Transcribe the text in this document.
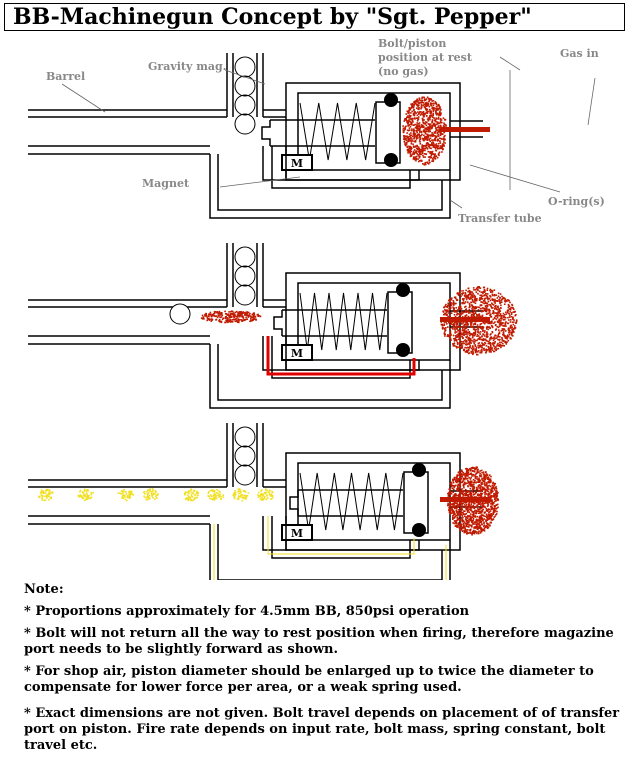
BB-Machinegun Concept by "Sgt. Pepper"
M
M
M
Barrel
Gravity mag.
Bolt/piston
position at rest
(no gas)
Gas in
Magnet
O-ring(s)
Transfer tube

Note:

* Proportions approximately for 4.5mm BB, 850psi operation

* Bolt will not return all the way to rest position when firing, therefore magazine port needs to be slightly forward as shown.

* For shop air, piston diameter should be enlarged up to twice the diameter to compensate for lower force per area, or a weak spring used.

* Exact dimensions are not given. Bolt travel depends on placement of of transfer port on piston. Fire rate depends on input rate, bolt mass, spring constant, bolt travel etc.
